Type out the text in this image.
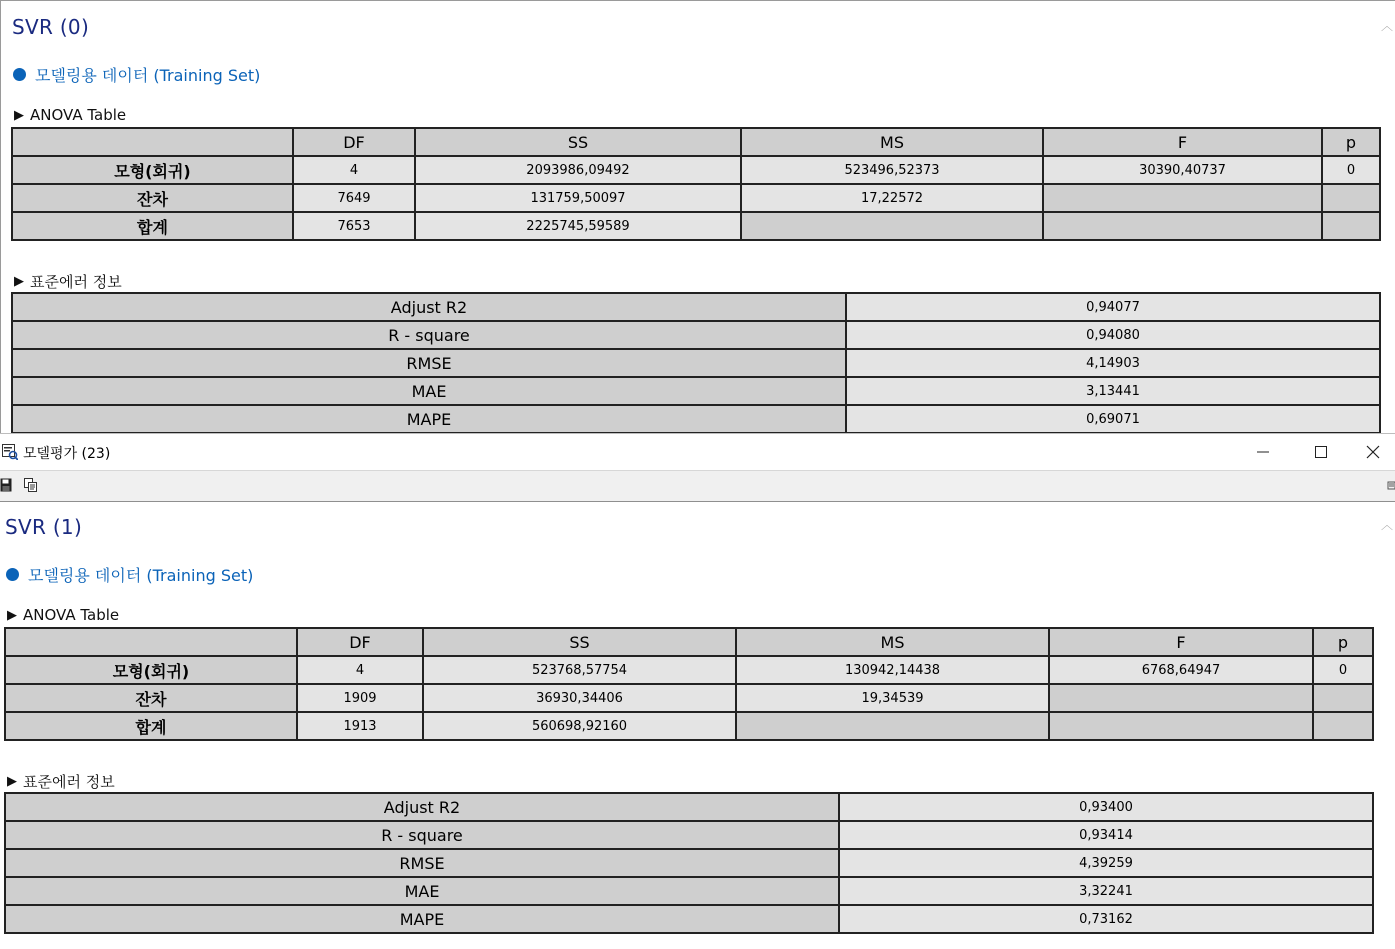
SVR (0)
모델링용 데이터 (Training Set)
▶ ANOVA Table
	DF	SS	MS	F	p
모형(회귀)	4	2093986,09492	523496,52373	30390,40737	0
잔차	7649	131759,50097	17,22572		
합계	7653	2225745,59589			
▶ 표준에러 정보
Adjust R2	0,94077
R - square	0,94080
RMSE	4,14903
MAE	3,13441
MAPE	0,69071
︿
모델평가 (23)
SVR (1)
모델링용 데이터 (Training Set)
▶ ANOVA Table
	DF	SS	MS	F	p
모형(회귀)	4	523768,57754	130942,14438	6768,64947	0
잔차	1909	36930,34406	19,34539		
합계	1913	560698,92160			
▶ 표준에러 정보
Adjust R2	0,93400
R - square	0,93414
RMSE	4,39259
MAE	3,32241
MAPE	0,73162
︿
